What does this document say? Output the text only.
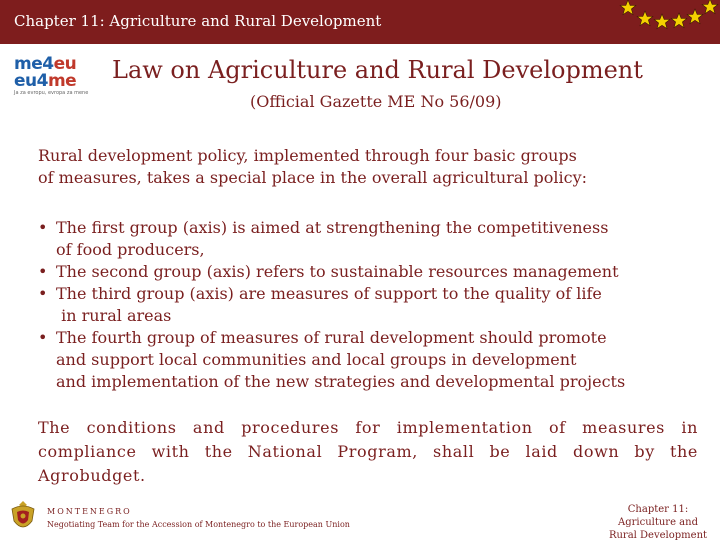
Chapter 11: Agriculture and Rural Development
me4eu
eu4me
Ja za evropu, evropa za mene
Law on Agriculture and Rural Development
(Official Gazette ME No 56/09)
Rural development policy, implemented through four basic groups
of measures, takes a special place in the overall agricultural policy:
• The first group (axis) is aimed at strengthening the competitiveness
of food producers,
• The second group (axis) refers to sustainable resources management
• The third group (axis) are measures of support to the quality of life
in rural areas
• The fourth group of measures of rural development should promote
and support local communities and local groups in development
and implementation of the new strategies and developmental projects
The conditions and procedures for implementation of measures in compliance with the National Program, shall be laid down by the Agrobudget.
MONTENEGRO
Negotiating Team for the Accession of Montenegro to the European Union
Chapter 11:
Agriculture and
Rural Development
